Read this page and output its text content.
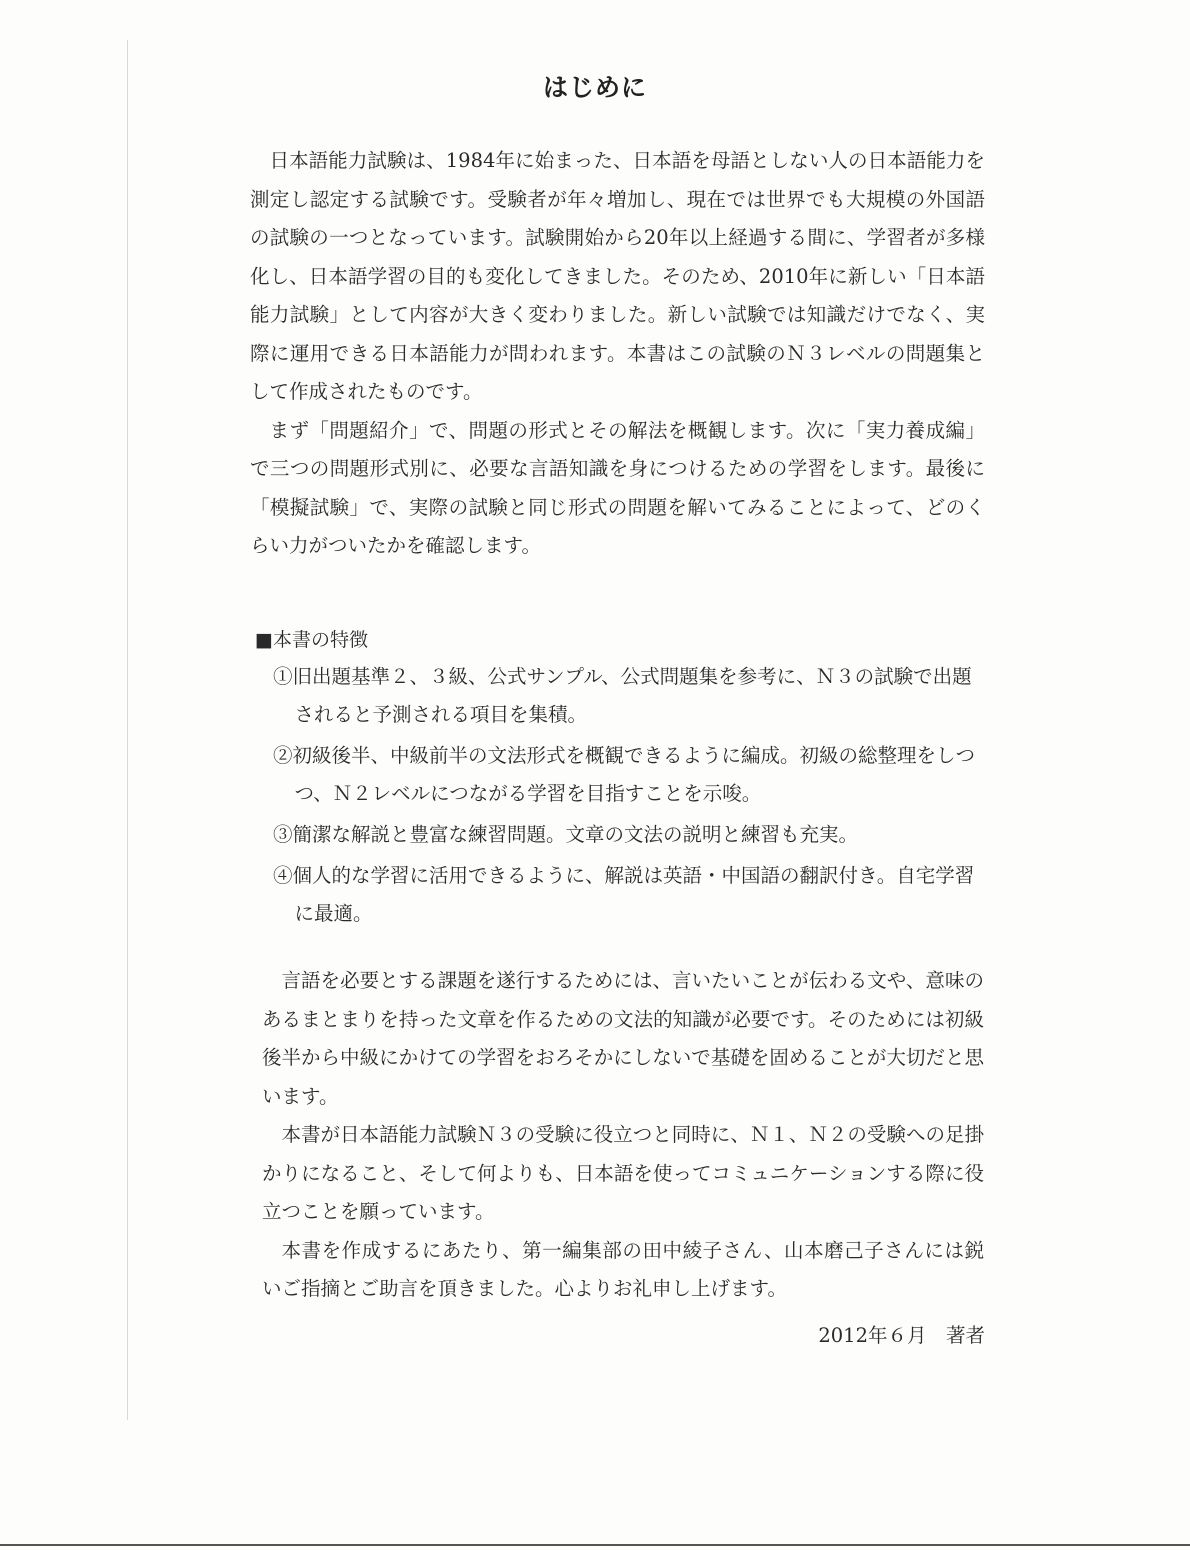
はじめに

日本語能力試験は、1984年に始まった、日本語を母語としない人の日本語能力を測定し認定する試験です。受験者が年々増加し、現在では世界でも大規模の外国語の試験の一つとなっています。試験開始から20年以上経過する間に、学習者が多様化し、日本語学習の目的も変化してきました。そのため、2010年に新しい「日本語能力試験」として内容が大きく変わりました。新しい試験では知識だけでなく、実際に運用できる日本語能力が問われます。本書はこの試験のＮ３レベルの問題集として作成されたものです。

まず「問題紹介」で、問題の形式とその解法を概観します。次に「実力養成編」で三つの問題形式別に、必要な言語知識を身につけるための学習をします。最後に「模擬試験」で、実際の試験と同じ形式の問題を解いてみることによって、どのくらい力がついたかを確認します。

■本書の特徴
①旧出題基準２、３級、公式サンプル、公式問題集を参考に、Ｎ３の試験で出題されると予測される項目を集積。
②初級後半、中級前半の文法形式を概観できるように編成。初級の総整理をしつつ、Ｎ２レベルにつながる学習を目指すことを示唆。
③簡潔な解説と豊富な練習問題。文章の文法の説明と練習も充実。
④個人的な学習に活用できるように、解説は英語・中国語の翻訳付き。自宅学習に最適。

言語を必要とする課題を遂行するためには、言いたいことが伝わる文や、意味のあるまとまりを持った文章を作るための文法的知識が必要です。そのためには初級後半から中級にかけての学習をおろそかにしないで基礎を固めることが大切だと思います。

本書が日本語能力試験Ｎ３の受験に役立つと同時に、Ｎ１、Ｎ２の受験への足掛かりになること、そして何よりも、日本語を使ってコミュニケーションする際に役立つことを願っています。

本書を作成するにあたり、第一編集部の田中綾子さん、山本磨己子さんには鋭いご指摘とご助言を頂きました。心よりお礼申し上げます。

2012年６月　著者
